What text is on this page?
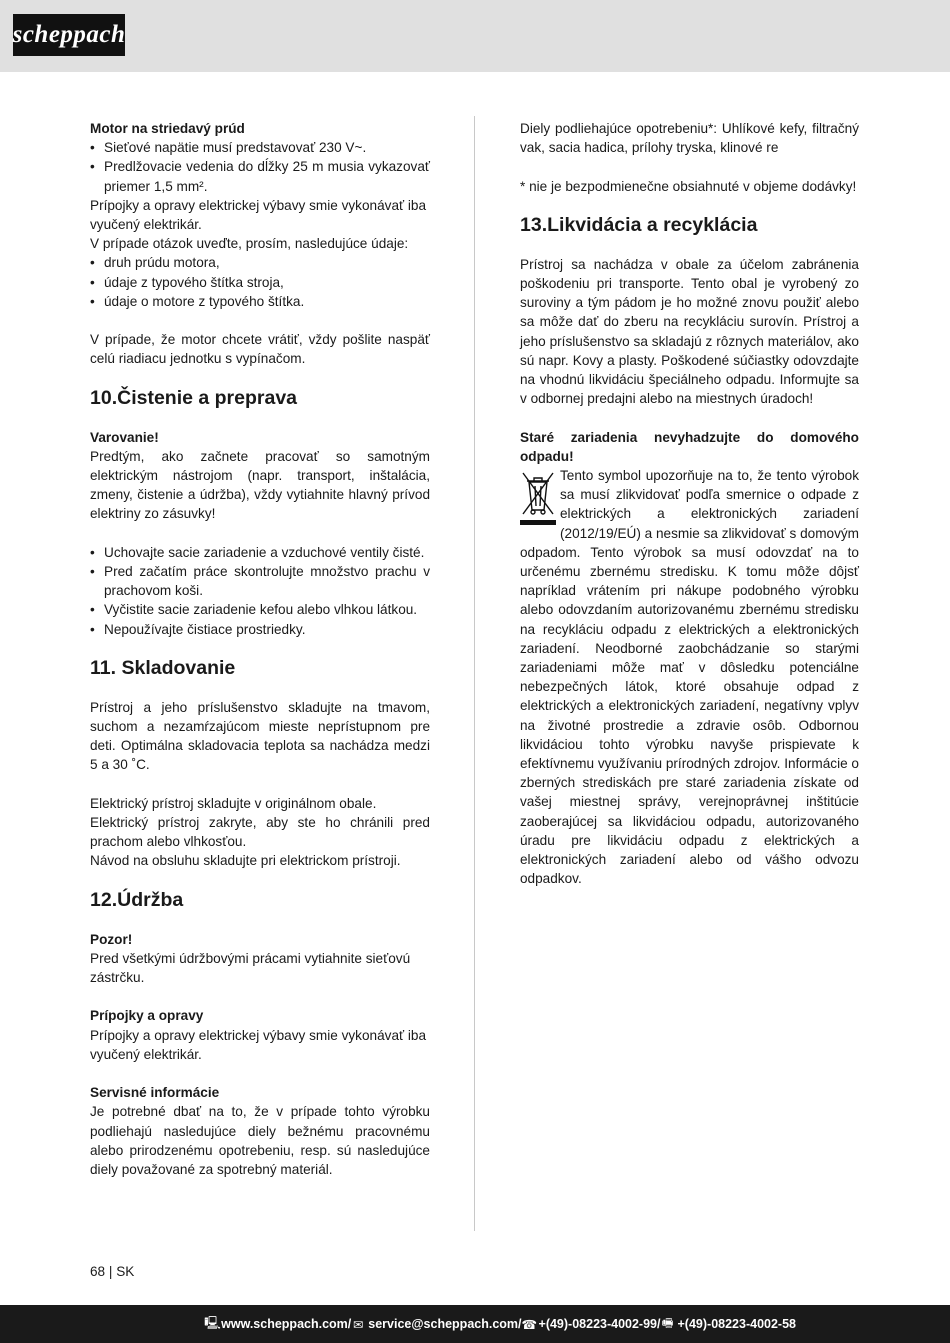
scheppach

Motor na striedavý prúd

• Sieťové napätie musí predstavovať 230 V~.
• Predlžovacie vedenia do dĺžky 25 m musia vykazovať priemer 1,5 mm².

Prípojky a opravy elektrickej výbavy smie vykonávať iba vyučený elektrikár.

V prípade otázok uveďte, prosím, nasledujúce údaje:

• druh prúdu motora,
• údaje z typového štítka stroja,
• údaje o motore z typového štítka.

V prípade, že motor chcete vrátiť, vždy pošlite naspäť celú riadiacu jednotku s vypínačom.

10.Čistenie a preprava

Varovanie!

Predtým, ako začnete pracovať so samotným elektrickým nástrojom (napr. transport, inštalácia, zmeny, čistenie a údržba), vždy vytiahnite hlavný prívod elektriny zo zásuvky!

• Uchovajte sacie zariadenie a vzduchové ventily čisté.
• Pred začatím práce skontrolujte množstvo prachu v prachovom koši.
• Vyčistite sacie zariadenie kefou alebo vlhkou látkou.
• Nepoužívajte čistiace prostriedky.
11. Skladovanie

Prístroj a jeho príslušenstvo skladujte na tmavom, suchom a nezamŕzajúcom mieste neprístupnom pre deti. Optimálna skladovacia teplota sa nachádza medzi 5 a 30 ˚C.

Elektrický prístroj skladujte v originálnom obale.

Elektrický prístroj zakryte, aby ste ho chránili pred prachom alebo vlhkosťou.

Návod na obsluhu skladujte pri elektrickom prístroji.

12.Údržba

Pozor!

Pred všetkými údržbovými prácami vytiahnite sieťovú zástrčku.

Prípojky a opravy

Prípojky a opravy elektrickej výbavy smie vykonávať iba vyučený elektrikár.

Servisné informácie

Je potrebné dbať na to, že v prípade tohto výrobku podliehajú nasledujúce diely bežnému pracovnému alebo prirodzenému opotrebeniu, resp. sú nasledujúce diely považované za spotrebný materiál.

Diely podliehajúce opotrebeniu*: Uhlíkové kefy, filtračný vak, sacia hadica, prílohy tryska, klinové re

* nie je bezpodmienečne obsiahnuté v objeme dodávky!

13.Likvidácia a recyklácia

Prístroj sa nachádza v obale za účelom zabránenia poškodeniu pri transporte. Tento obal je vyrobený zo suroviny a tým pádom je ho možné znovu použiť alebo sa môže dať do zberu na recykláciu surovín. Prístroj a jeho príslušenstvo sa skladajú z rôznych materiálov, ako sú napr. Kovy a plasty. Poškodené súčiastky odovzdajte na vhodnú likvidáciu špeciálneho odpadu. Informujte sa v odbornej predajni alebo na miestnych úradoch!

Staré zariadenia nevyhadzujte do domového odpadu!

Tento symbol upozorňuje na to, že tento výrobok sa musí zlikvidovať podľa smernice o odpade z elektrických a elektronických zariadení (2012/19/EÚ) a nesmie sa zlikvidovať s domovým odpadom. Tento výrobok sa musí odovzdať na to určenému zbernému stredisku. K tomu môže dôjsť napríklad vrátením pri nákupe podobného výrobku alebo odovzdaním autorizovanému zbernému stredisku na recykláciu odpadu z elektrických a elektronických zariadení. Neodborné zaobchádzanie so starými zariadeniami môže mať v dôsledku potenciálne nebezpečných látok, ktoré obsahuje odpad z elektrických a elektronických zariadení, negatívny vplyv na životné prostredie a zdravie osôb. Odbornou likvidáciou tohto výrobku navyše prispievate k efektívnemu využívaniu prírodných zdrojov. Informácie o zberných strediskách pre staré zariadenia získate od vašej miestnej správy, verejnoprávnej inštitúcie zaoberajúcej sa likvidáciou odpadu, autorizovaného úradu pre likvidáciu odpadu z elektrických a elektronických zariadení alebo od vášho odvozu odpadkov.

68 | SK
🖳 www.scheppach.com / ✉ service@scheppach.com / ☎ +(49)-08223-4002-99 / 🖷 +(49)-08223-4002-58
